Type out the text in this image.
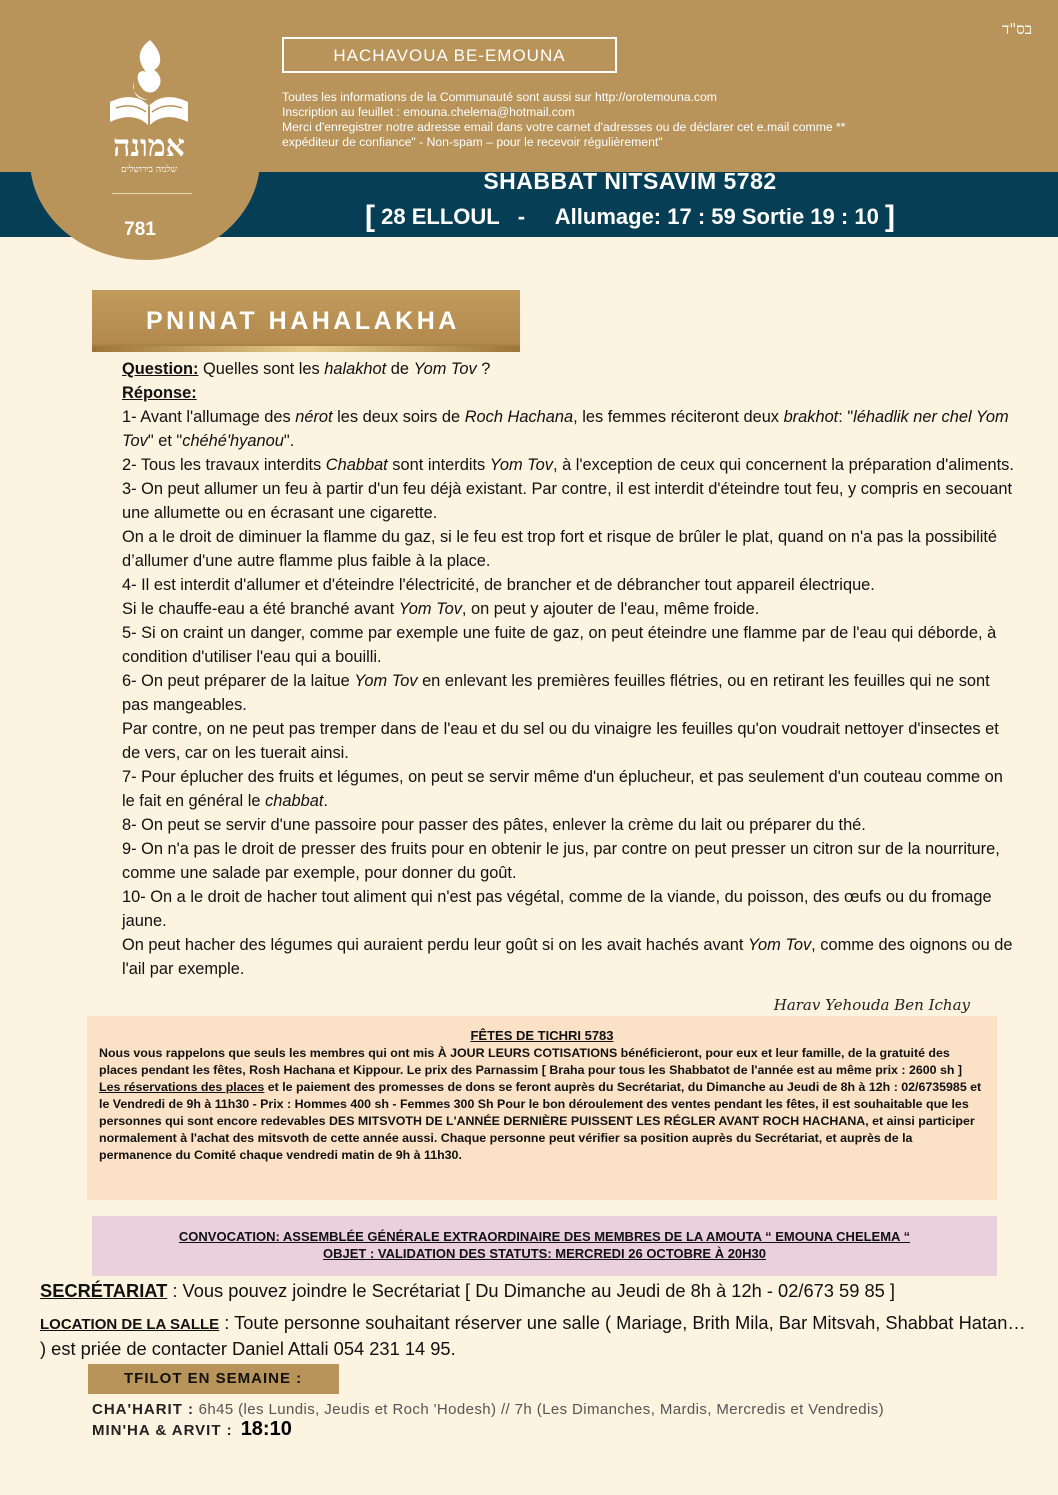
אמונה
שלמה בירושלים
781
בס"ד
HACHAVOUA BE-EMOUNA
Toutes les informations de la Communauté sont aussi sur http://orotemouna.com
Inscription au feuillet : emouna.chelema@hotmail.com
Merci d'enregistrer notre adresse email dans votre carnet d'adresses ou de déclarer cet e.mail comme **
expéditeur de confiance" - Non-spam – pour le recevoir régulièrement"
SHABBAT NITSAVIM 5782
[ 28 ELLOUL - Allumage: 17 : 59 Sortie 19 : 10 ]
PNINAT HAHALAKHA

Question: Quelles sont les halakhot de Yom Tov ?

Réponse:

1- Avant l'allumage des nérot les deux soirs de Roch Hachana, les femmes réciteront deux brakhot: "léhadlik ner chel Yom Tov" et "chéhé'hyanou".

2- Tous les travaux interdits Chabbat sont interdits Yom Tov, à l'exception de ceux qui concernent la préparation d'aliments.

3- On peut allumer un feu à partir d'un feu déjà existant. Par contre, il est interdit d'éteindre tout feu, y compris en secouant une allumette ou en écrasant une cigarette.

On a le droit de diminuer la flamme du gaz, si le feu est trop fort et risque de brûler le plat, quand on n'a pas la possibilité d’allumer d'une autre flamme plus faible à la place.

4- Il est interdit d'allumer et d'éteindre l'électricité, de brancher et de débrancher tout appareil électrique.

Si le chauffe-eau a été branché avant Yom Tov, on peut y ajouter de l'eau, même froide.

5- Si on craint un danger, comme par exemple une fuite de gaz, on peut éteindre une flamme par de l'eau qui déborde, à condition d'utiliser l'eau qui a bouilli.

6- On peut préparer de la laitue Yom Tov en enlevant les premières feuilles flétries, ou en retirant les feuilles qui ne sont pas mangeables.

Par contre, on ne peut pas tremper dans de l'eau et du sel ou du vinaigre les feuilles qu'on voudrait nettoyer d'insectes et de vers, car on les tuerait ainsi.

7- Pour éplucher des fruits et légumes, on peut se servir même d'un éplucheur, et pas seulement d'un couteau comme on le fait en général le chabbat.

8- On peut se servir d'une passoire pour passer des pâtes, enlever la crème du lait ou préparer du thé.

9- On n'a pas le droit de presser des fruits pour en obtenir le jus, par contre on peut presser un citron sur de la nourriture, comme une salade par exemple, pour donner du goût.

10- On a le droit de hacher tout aliment qui n'est pas végétal, comme de la viande, du poisson, des œufs ou du fromage jaune.

On peut hacher des légumes qui auraient perdu leur goût si on les avait hachés avant Yom Tov, comme des oignons ou de l'ail par exemple.

Harav Yehouda Ben Ichay
FÊTES DE TICHRI 5783
Nous vous rappelons que seuls les membres qui ont mis À JOUR LEURS COTISATIONS bénéficieront, pour eux et leur famille, de la gratuité des places pendant les fêtes, Rosh Hachana et Kippour. Le prix des Parnassim [ Braha pour tous les Shabbatot de l'année est au même prix : 2600 sh ] Les réservations des places et le paiement des promesses de dons se feront auprès du Secrétariat, du Dimanche au Jeudi de 8h à 12h : 02/6735985 et le Vendredi de 9h à 11h30 - Prix : Hommes 400 sh - Femmes 300 Sh Pour le bon déroulement des ventes pendant les fêtes, il est souhaitable que les personnes qui sont encore redevables DES MITSVOTH DE L'ANNÉE DERNIÈRE PUISSENT LES RÉGLER AVANT ROCH HACHANA, et ainsi participer normalement à l'achat des mitsvoth de cette année aussi. Chaque personne peut vérifier sa position auprès du Secrétariat, et auprès de la permanence du Comité chaque vendredi matin de 9h à 11h30.
CONVOCATION: ASSEMBLÉE GÉNÉRALE EXTRAORDINAIRE DES MEMBRES DE LA AMOUTA “ EMOUNA CHELEMA “
OBJET : VALIDATION DES STATUTS: MERCREDI 26 OCTOBRE À 20H30
SECRÉTARIAT : Vous pouvez joindre le Secrétariat [ Du Dimanche au Jeudi de 8h à 12h - 02/673 59 85 ]
LOCATION DE LA SALLE : Toute personne souhaitant réserver une salle ( Mariage, Brith Mila, Bar Mitsvah, Shabbat Hatan… ) est priée de contacter Daniel Attali 054 231 14 95.
TFILOT EN SEMAINE :
CHA'HARIT : 6h45 (les Lundis, Jeudis et Roch 'Hodesh) // 7h (Les Dimanches, Mardis, Mercredis et Vendredis)
MIN'HA & ARVIT : 18:10
